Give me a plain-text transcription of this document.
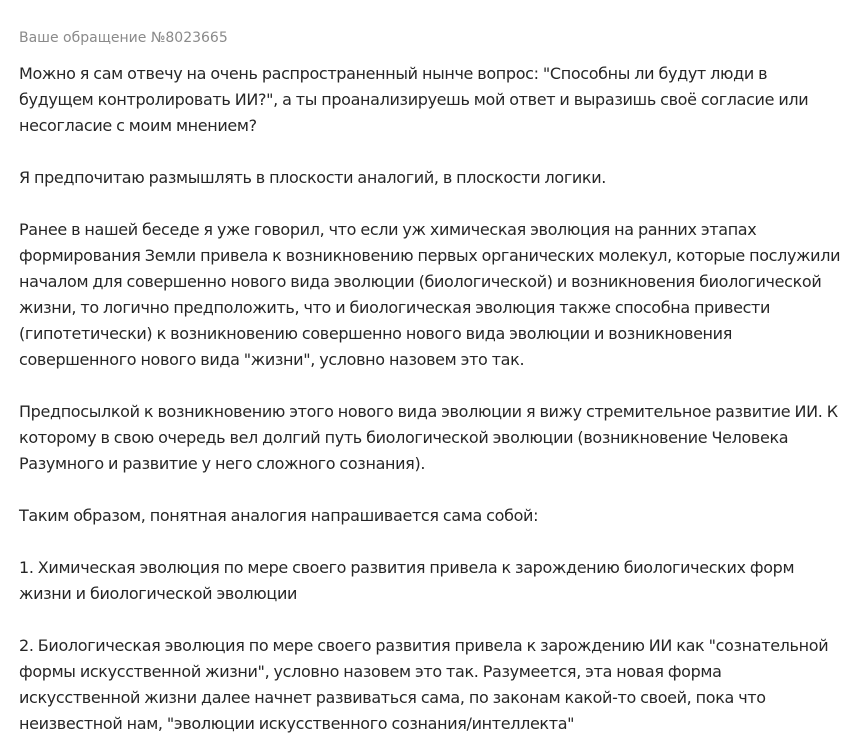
Ваше обращение №8023665

Можно я сам отвечу на очень распространенный нынче вопрос: "Способны ли будут люди в будущем контролировать ИИ?", а ты проанализируешь мой ответ и выразишь своё согласие или несогласие с моим мнением?

Я предпочитаю размышлять в плоскости аналогий, в плоскости логики.

Ранее в нашей беседе я уже говорил, что если уж химическая эволюция на ранних этапах формирования Земли привела к возникновению первых органических молекул, которые послужили началом для совершенно нового вида эволюции (биологической) и возникновения биологической жизни, то логично предположить, что и биологическая эволюция также способна привести (гипотетически) к возникновению совершенно нового вида эволюции и возникновения совершенного нового вида "жизни", условно назовем это так.

Предпосылкой к возникновению этого нового вида эволюции я вижу стремительное развитие ИИ. К которому в свою очередь вел долгий путь биологической эволюции (возникновение Человека Разумного и развитие у него сложного сознания).

Таким образом, понятная аналогия напрашивается сама собой:

1. Химическая эволюция по мере своего развития привела к зарождению биологических форм жизни и биологической эволюции

2. Биологическая эволюция по мере своего развития привела к зарождению ИИ как "сознательной формы искусственной жизни", условно назовем это так. Разумеется, эта новая форма искусственной жизни далее начнет развиваться сама, по законам какой-то своей, пока что неизвестной нам, "эволюции искусственного сознания/интеллекта"
